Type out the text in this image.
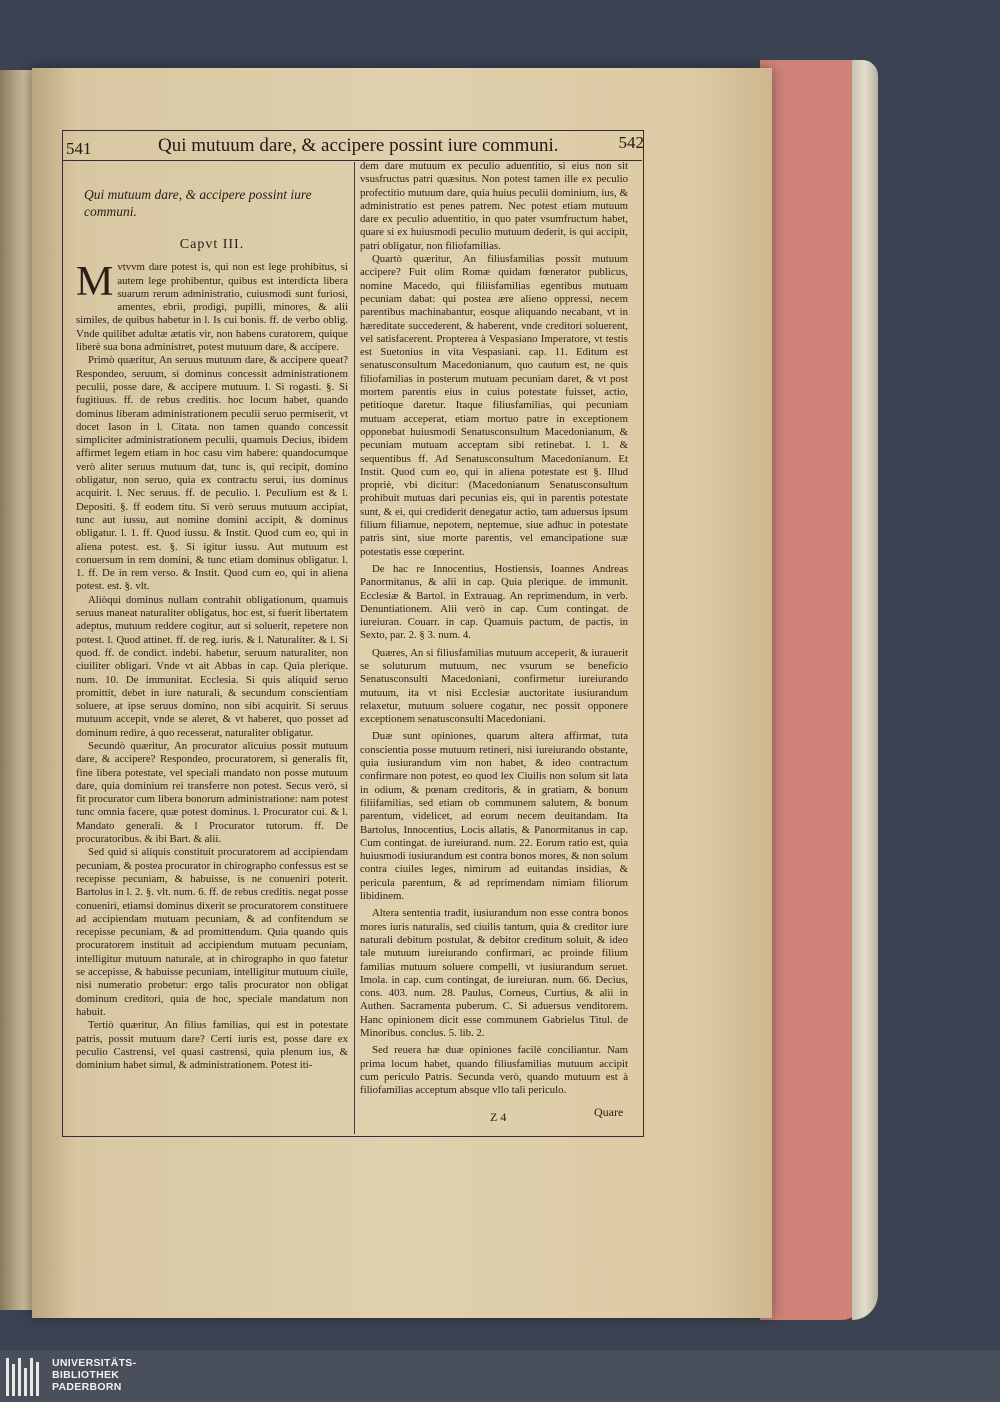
541	Qui mutuum dare, & accipere possint iure communi.	542

Qui mutuum dare, & accipere possint iure communi.

Capvt III.

Mvtvvm dare potest is, qui non est lege prohibitus, si autem lege prohibentur, quibus est interdicta libera suarum rerum administratio, cuiusmodi sunt furiosi, amentes, ebrii, prodigi, pupilli, minores, & alii similes, de quibus habetur in l. Is cui bonis. ff. de verbo oblig. Vnde quilibet adultæ ætatis vir, non habens curatorem, quique liberè sua bona administret, potest mutuum dare, & accipere.

Primò quæritur, An seruus mutuum dare, & accipere queat? Respondeo, seruum, si dominus concessit administrationem peculii, posse dare, & accipere mutuum. l. Si rogasti. §. Si fugitiuus. ff. de rebus creditis. hoc locum habet, quando dominus liberam administrationem peculii seruo permiserit, vt docet Iason in l. Citata. non tamen quando concessit simpliciter administrationem peculii, quamuis Decius, ibidem affirmet legem etiam in hoc casu vim habere: quandocumque verò aliter seruus mutuum dat, tunc is, qui recipit, domino obligatur, non seruo, quia ex contractu serui, ius dominus acquirit. l. Nec seruus. ff. de peculio. l. Peculium est & l. Depositi. §. ff eodem titu. Si verò seruus mutuum accipiat, tunc aut iussu, aut nomine domini accipit, & dominus obligatur. l. 1. ff. Quod iussu. & Instit. Quod cum eo, qui in aliena potest. est. §. Si igitur iussu. Aut mutuum est conuersum in rem domini, & tunc etiam dominus obligatur. l. 1. ff. De in rem verso. & Instit. Quod cum eo, qui in aliena potest. est. §. vlt.

Aliòqui dominus nullam contrahit obligationum, quamuis seruus maneat naturaliter obligatus, hoc est, si fuerit libertatem adeptus, mutuum reddere cogitur, aut si soluerit, repetere non potest. l. Quod attinet. ff. de reg. iuris. & l. Naturaliter. & l. Si quod. ff. de condict. indebi. habetur, seruum naturaliter, non ciuiliter obligari. Vnde vt ait Abbas in cap. Quia plerique. num. 10. De immunitat. Ecclesia. Si quis aliquid seruo promittit, debet in iure naturali, & secundum conscientiam soluere, at ipse seruus domino, non sibi acquirit. Si seruus mutuum accepit, vnde se aleret, & vt haberet, quo posset ad dominum redire, à quo recesserat, naturaliter obligatur.

Secundò quæritur, An procurator alicuius possit mutuum dare, & accipere? Respondeo, procuratorem, si generalis fit, fine libera potestate, vel speciali mandato non posse mutuum dare, quia dominium rei transferre non potest. Secus verò, si fit procurator cum libera bonorum administratione: nam potest tunc omnia facere, quæ potest dominus. l. Procurator cui. & l. Mandato generali. & l Procurator tutorum. ff. De procuratoribus. & ibi Bart. & alii.

Sed quid si aliquis constituit procuratorem ad accipiendam pecuniam, & postea procurator in chirographo confessus est se recepisse pecuniam, & habuisse, is ne conueniri poterit. Bartolus in l. 2. §. vlt. num. 6. ff. de rebus creditis. negat posse conueniri, etiamsi dominus dixerit se procuratorem constituere ad accipiendam mutuam pecuniam, & ad confitendum se recepisse pecuniam, & ad promittendum. Quia quando quis procuratorem instituit ad accipiendum mutuam pecuniam, intelligitur mutuum naturale, at in chirographo in quo fatetur se accepisse, & habuisse pecuniam, intelligitur mutuum ciuile, nisi numeratio probetur: ergo talis procurator non obligat dominum creditori, quia de hoc, speciale mandatum non habuit.

Tertiò quæritur, An filius familias, qui est in potestate patris, possit mutuum dare? Certi iuris est, posse dare ex peculio Castrensi, vel quasi castrensi, quia plenum ius, & dominium habet simul, & administrationem. Potest iti-

dem dare mutuum ex peculio aduentitio, si eius non sit vsusfructus patri quæsitus. Non potest tamen ille ex peculio profectitio mutuum dare, quia huius peculii dominium, ius, & administratio est penes patrem. Nec potest etiam mutuum dare ex peculio aduentitio, in quo pater vsumfructum habet, quare si ex huiusmodi peculio mutuum dederit, is qui accipit, patri obligatur, non filiofamilias.

Quartò quæritur, An filiusfamilias possit mutuum accipere? Fuit olim Romæ quidam fœnerator publicus, nomine Macedo, qui filiisfamilias egentibus mutuam pecuniam dabat: qui postea ære alieno oppressi, necem parentibus machinabantur, eosque aliquando necabant, vt in hæreditate succederent, & haberent, vnde creditori soluerent, vel satisfacerent. Propterea à Vespasiano Imperatore, vt testis est Suetonius in vita Vespasiani. cap. 11. Editum est senatusconsultum Macedonianum, quo cautum est, ne quis filiofamilias in posterum mutuam pecuniam daret, & vt post mortem parentis eius in cuius potestate fuisset, actio, petitioque daretur. Itaque filiusfamilias, qui pecuniam mutuam acceperat, etiam mortuo patre in exceptionem opponebat huiusmodi Senatusconsultum Macedonianum, & pecuniam mutuam acceptam sibi retinebat. l. 1. & sequentibus ff. Ad Senatusconsultum Macedonianum. Et Instit. Quod cum eo, qui in aliena potestate est §. Illud propriè, vbi dicitur: (Macedonianum Senatusconsultum prohibuit mutuas dari pecunias eis, qui in parentis potestate sunt, & ei, qui crediderit denegatur actio, tam aduersus ipsum filium filiamue, nepotem, neptemue, siue adhuc in potestate patris sint, siue morte parentis, vel emancipatione suæ potestatis esse cœperint.

De hac re Innocentius, Hostiensis, Ioannes Andreas Panormitanus, & alii in cap. Quia plerique. de immunit. Ecclesiæ & Bartol. in Extrauag. An reprimendum, in verb. Denuntiationem. Alii verò in cap. Cum contingat. de iureiuran. Couarr. in cap. Quamuis pactum, de pactis, in Sexto, par. 2. § 3. num. 4.

Quæres, An si filiusfamilias mutuum acceperit, & iurauerit se soluturum mutuum, nec vsurum se beneficio Senatusconsulti Macedoniani, confirmetur iureiurando mutuum, ita vt nisi Ecclesiæ auctoritate iusiurandum relaxetur, mutuum soluere cogatur, nec possit opponere exceptionem senatusconsulti Macedoniani.

Duæ sunt opiniones, quarum altera affirmat, tuta conscientia posse mutuum retineri, nisi iureiurando obstante, quia iusiurandum vim non habet, & ideo contractum confirmare non potest, eo quod lex Ciuilis non solum sit lata in odium, & pœnam creditoris, & in gratiam, & bonum filiifamilias, sed etiam ob communem salutem, & bonum parentum, videlicet, ad eorum necem deuitandam. Ita Bartolus, Innocentius, Locis allatis, & Panormitanus in cap. Cum contingat. de iureiurand. num. 22. Eorum ratio est, quia huiusmodi iusiurandum est contra bonos mores, & non solum contra ciuiles leges, nimirum ad euitandas insidias, & pericula parentum, & ad reprimendam nimiam filiorum libidinem.

Altera sententia tradit, iusiurandum non esse contra bonos mores iuris naturalis, sed ciuilis tantum, quia & creditor iure naturali debitum postulat, & debitor creditum soluit, & ideo tale mutuum iureiurando confirmari, ac proinde filium familias mutuum soluere compelli, vt iusiurandum seruet. Imola. in cap. cum contingat, de iureiuran. num. 66. Decius, cons. 403. num. 28. Paulus, Corneus, Curtius, & alii in Authen. Sacramenta puberum. C. Si aduersus venditorem. Hanc opinionem dicit esse communem Gabrielus Titul. de Minoribus. conclus. 5. lib. 2.

Sed reuera hæ duæ opiniones facilè conciliantur. Nam prima locum habet, quando filiusfamilias mutuum accipit cum periculo Patris. Secunda verò, quando mutuum est à filiofamilias acceptum absque vllo tali periculo.

Z 4	Quare
UNIVERSITÄTS-
BIBLIOTHEK
PADERBORN
